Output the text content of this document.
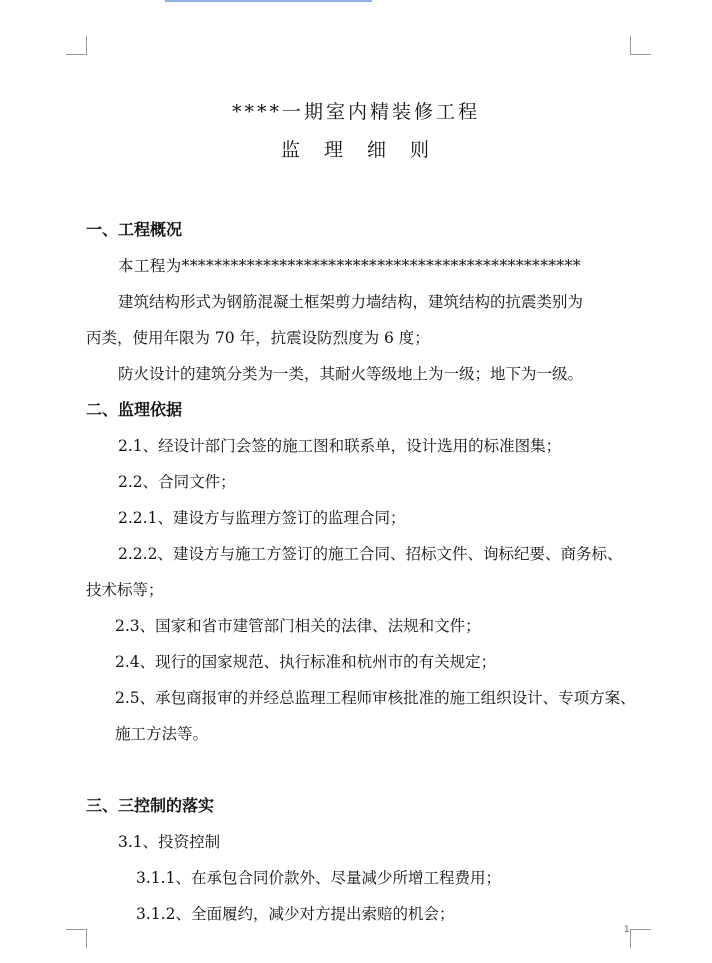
1
****一期室内精装修工程
监 理 细 则
一、工程概况
本工程为*************************************************
建筑结构形式为钢筋混凝土框架剪力墙结构，建筑结构的抗震类别为
丙类，使用年限为 70 年，抗震设防烈度为 6 度；
防火设计的建筑分类为一类，其耐火等级地上为一级；地下为一级。
二、监理依据
2.1、经设计部门会签的施工图和联系单，设计选用的标准图集；
2.2、合同文件；
2.2.1、建设方与监理方签订的监理合同；
2.2.2、建设方与施工方签订的施工合同、招标文件、询标纪要、商务标、
技术标等；
2.3、国家和省市建管部门相关的法律、法规和文件；
2.4、现行的国家规范、执行标准和杭州市的有关规定；
2.5、承包商报审的并经总监理工程师审核批准的施工组织设计、专项方案、
施工方法等。
三、三控制的落实
3.1、投资控制
3.1.1、在承包合同价款外、尽量减少所增工程费用；
3.1.2、全面履约，减少对方提出索赔的机会；
